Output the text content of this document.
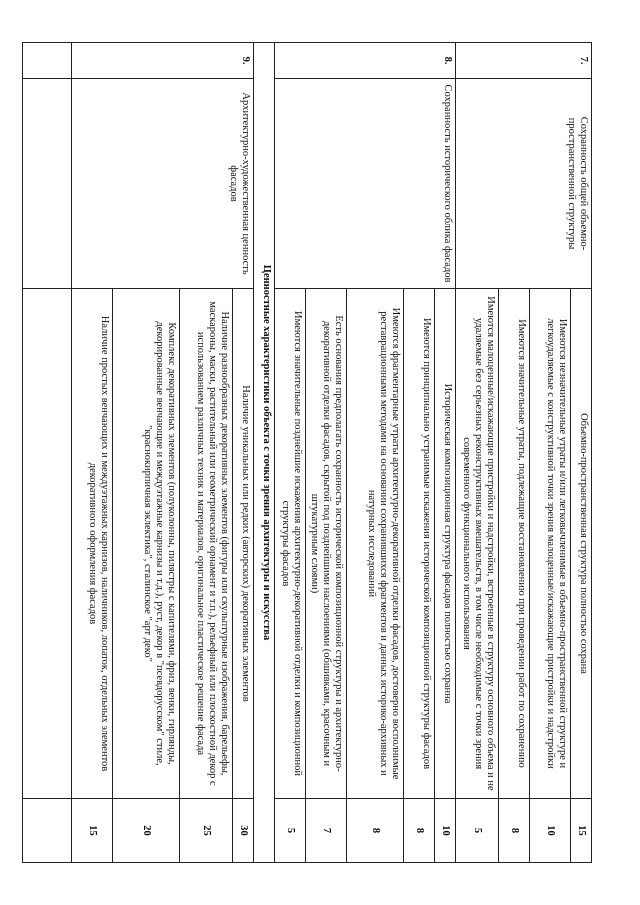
7.	Сохранность общей объемно-пространственной структуры	Объемно-пространственная структура полностью сохрана	15
		Имеются незначительные утраты и/или легковычленимые в объемно-пространственной структуре и легкоудаляемые с конструктивной точки зрения малоценные/искажающие пристройки и надстройки	10
		Имеются значительные утраты, подлежащие восстановлению при проведении работ по сохранению	8
		Имеются малоценные/искажающие пристройки и надстройки, встроенные в структуру основного объема и не удаляемые без серьезных реконструктивных вмешательств, в том числе необходимые с точки зрения современного функционального использования	5
8.	Сохранность исторического облика фасадов	Историческая композиционная структура фасадов полностью сохранна	10
		Имеются принципиально устранимые искажения исторической композиционной структуры фасадов	8
		Имеются фрагментарные утраты архитектурно-декоративной отделки фасадов, достоверно восполнимые реставрационными методами на основании сохранившихся фрагментов и данных историко-архивных и натурных исследований	8
		Есть основания предполагать сохранность исторической композиционной структуры и архитектурно-декоративной отделки фасадов, скрытой под позднейшими наслоениями (обшивками, красочным и штукатурным слоями)	7
		Имеются значительные позднейшие искажения архитектурно-декоративной отделки и композиционной структуры фасадов	5
Ценностные характеристики объекта с точки зрения архитектуры и искусства			
9.	Архитектурно-художественная ценность фасадов	Наличие уникальных или редких (авторских) декоративных элементов	30
		Наличие разнообразных декоративных элементов (фигуры или скульптурные изображения, барельефы, маскароны, маски, растительный или геометрический орнамент и т.п.), рельефный или плоскостной декор с использованием различных техник и материалов, оригинальное пластическое решение фасада	25
		Комплекс декоративных элементов (полуколонны, пилястры с капителями, фриз, венки, гирлянды, декорированные венчающие и междуэтажные карнизы и т.д.), руст, декор в "псевдорусском" стиле, "краснокирпичная эклектика", сталинское "арт деко"	20
		Наличие простых венчающих и междуэтажных карнизов, наличников, лопаток, отдельных элементов декоративного оформления фасадов	15
